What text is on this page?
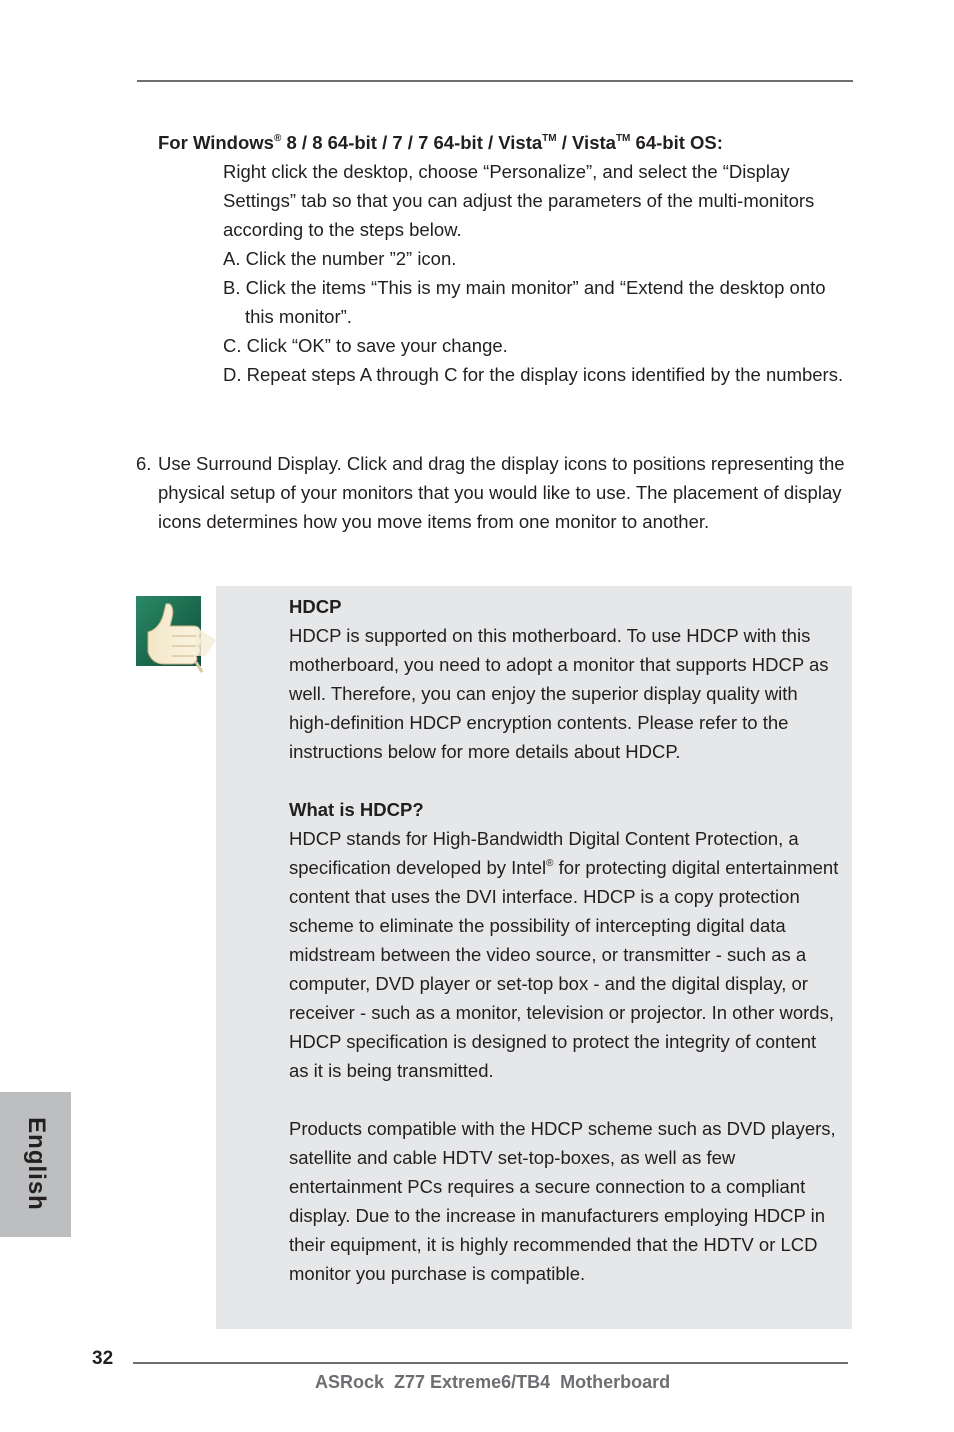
For Windows® 8 / 8 64-bit / 7 / 7 64-bit / Vista™ / Vista™ 64-bit OS:

Right click the desktop, choose “Personalize”, and select the “Display Settings” tab so that you can adjust the parameters of the multi-monitors according to the steps below.

A. Click the number ”2” icon.

B. Click the items “This is my main monitor” and “Extend the desktop onto this monitor”.

C. Click “OK” to save your change.

D. Repeat steps A through C for the display icons identified by the numbers.

6. Use Surround Display. Click and drag the display icons to positions representing the physical setup of your monitors that you would like to use. The placement of display icons determines how you move items from one monitor to another.

HDCP

HDCP is supported on this motherboard. To use HDCP with this motherboard, you need to adopt a monitor that supports HDCP as well. Therefore, you can enjoy the superior display quality with high-definition HDCP encryption contents. Please refer to the instructions below for more details about HDCP.

What is HDCP?

HDCP stands for High-Bandwidth Digital Content Protection, a specification developed by Intel® for protecting digital entertainment content that uses the DVI interface. HDCP is a copy protection scheme to eliminate the possibility of intercepting digital data midstream between the video source, or transmitter - such as a computer, DVD player or set-top box - and the digital display, or receiver - such as a monitor, television or projector. In other words, HDCP specification is designed to protect the integrity of content as it is being transmitted.

Products compatible with the HDCP scheme such as DVD players, satellite and cable HDTV set-top-boxes, as well as few entertainment PCs requires a secure connection to a compliant display. Due to the increase in manufacturers employing HDCP in their equipment, it is highly recommended that the HDTV or LCD monitor you purchase is compatible.

English
32
ASRock  Z77 Extreme6/TB4  Motherboard
